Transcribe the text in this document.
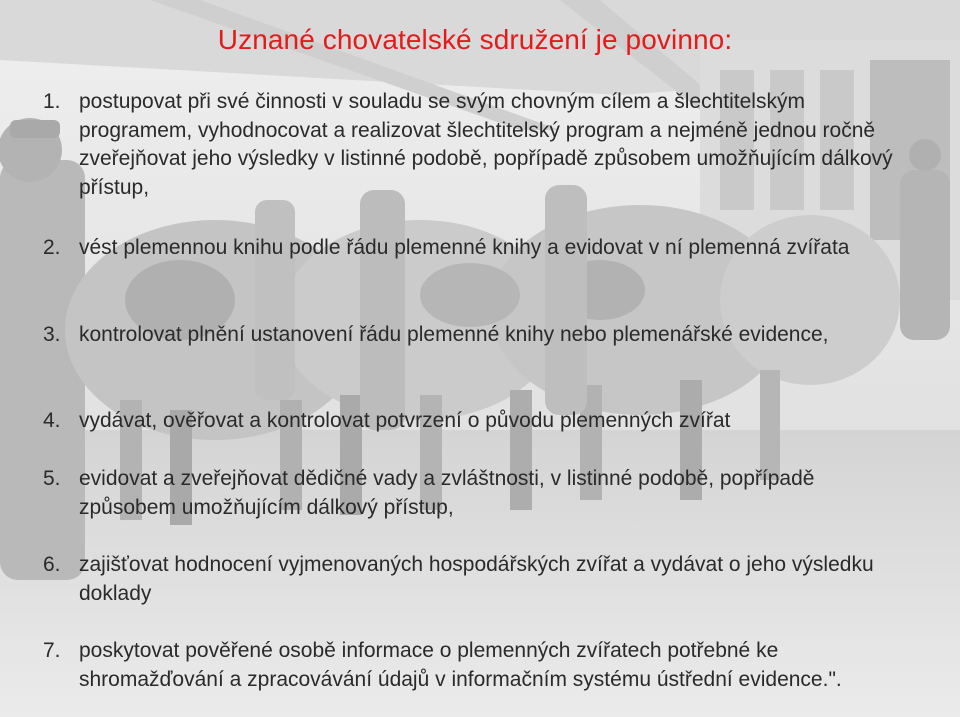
Uznané chovatelské sdružení je povinno:
1. postupovat při své činnosti v souladu se svým chovným cílem a šlechtitelským programem, vyhodnocovat a realizovat šlechtitelský program a nejméně jednou ročně zveřejňovat jeho výsledky v listinné podobě, popřípadě způsobem umožňujícím dálkový přístup,
2. vést plemennou knihu podle řádu plemenné knihy a evidovat v ní plemenná zvířata
3. kontrolovat plnění ustanovení řádu plemenné knihy nebo plemenářské evidence,
4. vydávat, ověřovat a kontrolovat potvrzení o původu plemenných zvířat
5. evidovat a zveřejňovat dědičné vady a zvláštnosti, v listinné podobě, popřípadě způsobem umožňujícím dálkový přístup,
6. zajišťovat hodnocení vyjmenovaných hospodářských zvířat a vydávat o jeho výsledku doklady
7. poskytovat pověřené osobě informace o plemenných zvířatech potřebné ke shromažďování a zpracovávání údajů v informačním systému ústřední evidence.".
